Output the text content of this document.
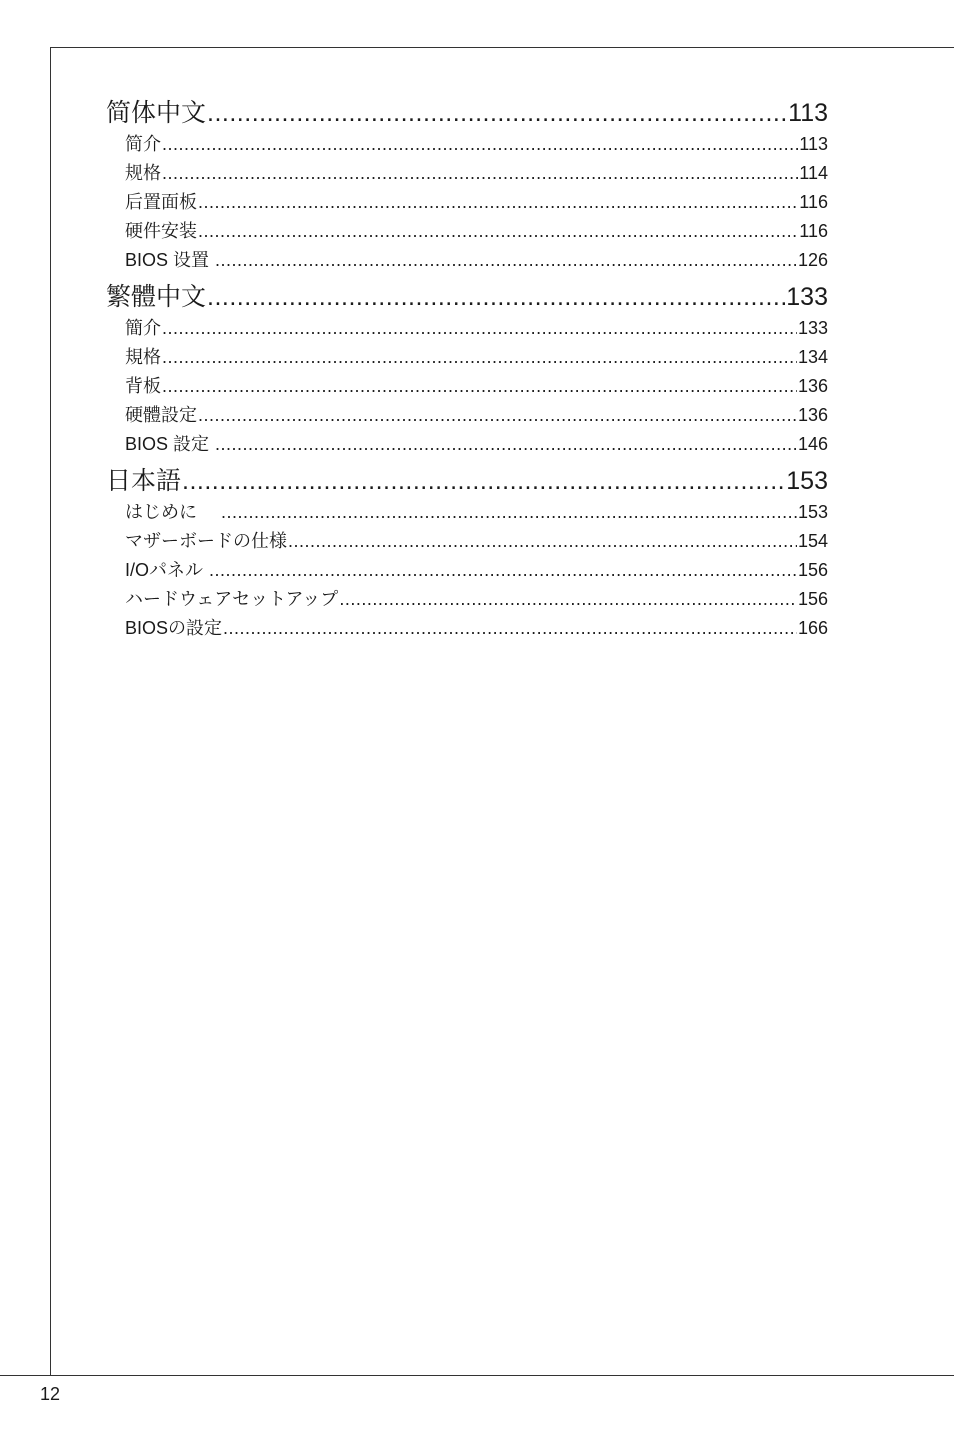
简体中文 .....	113
简介 .....	113
规格 .....	114
后置面板 .....	116
硬件安装 .....	116
BIOS 设置 .....	126
繁體中文 .....	133
簡介 .....	133
規格 .....	134
背板 .....	136
硬體設定 .....	136
BIOS 設定 .....	146
日本語 .....	153
はじめに　 .....	153
マザーボードの仕様 .....	154
I/Oパネル .....	156
ハードウェアセットアップ .....	156
BIOSの設定 .....	166
12
